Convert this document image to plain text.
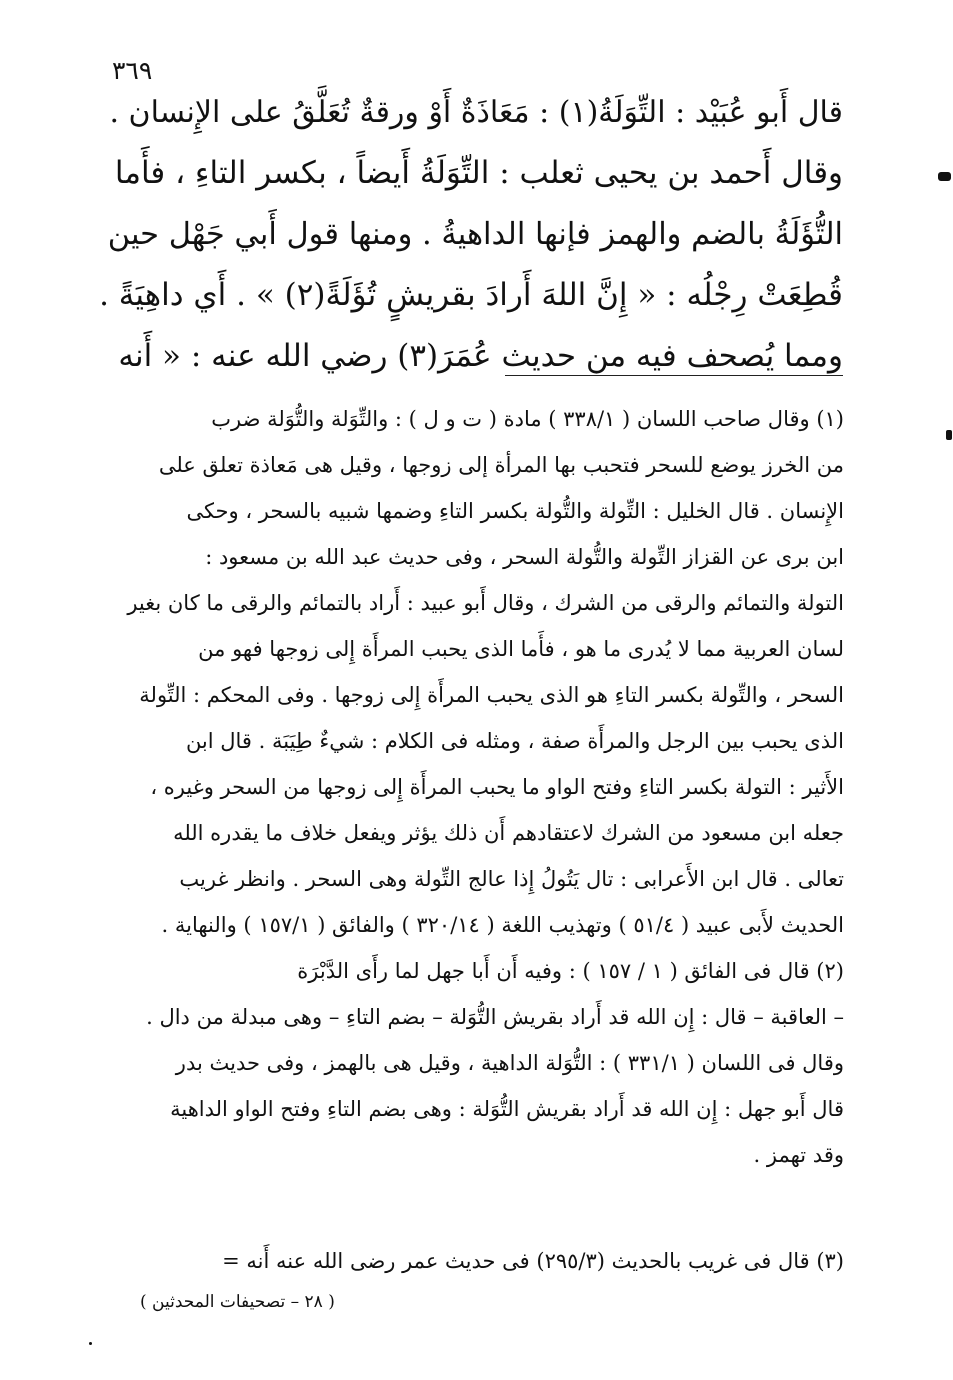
٣٦٩
قال أَبو عُبَيْد : التِّوَلَةُ(١) : مَعَاذَةٌ أَوْ ورقةٌ تُعَلَّقُ على الإِنسان .
وقال أَحمد بن يحيى ثعلب : التِّوَلَةُ أَيضاً ، بكسر التاءِ ، فأَما
التُّؤَلَةُ بالضم والهمز فإنها الداهيةُ . ومنها قول أَبي جَهْل حين
قُطِعَتْ رِجْلُه : « إِنَّ اللهَ أَرادَ بقريشٍ تُؤَلَةً(٢) » . أَي داهِيَةً .
ومما يُصحف فيه من حديث عُمَرَ(٣) رضي الله عنه : « أَنه
(١) وقال صاحب اللسان ( ٣٣٨/١ ) مادة ( ت و ل ) : والتِّوَلة والتُّوَلة ضرب
من الخرز يوضع للسحر فتحبب بها المرأة إلى زوجها ، وقيل هى مَعاذة تعلق على
الإِنسان . قال الخليل : التِّولة والتُّولة بكسر التاءِ وضمها شبيه بالسحر ، وحكى
ابن برى عن القزاز التِّولة والتُّولة السحر ، وفى حديث عبد الله بن مسعود :
التولة والتمائم والرقى من الشرك ، وقال أَبو عبيد : أَراد بالتمائم والرقى ما كان بغير
لسان العربية مما لا يُدرى ما هو ، فأَما الذى يحبب المرأَة إِلى زوجها فهو من
السحر ، والتِّولة بكسر التاءِ هو الذى يحبب المرأَة إِلى زوجها . وفى المحكم : التِّولة
الذى يحبب بين الرجل والمرأَة صفة ، ومثله فى الكلام : شيءٌ طِيَبَة . قال ابن
الأَثير : التولة بكسر التاءِ وفتح الواو ما يحبب المرأَة إِلى زوجها من السحر وغيره ،
جعله ابن مسعود من الشرك لاعتقادهم أَن ذلك يؤثر ويفعل خلاف ما يقدره الله
تعالى . قال ابن الأَعرابى : تال يَتُولُ إِذا عالج التِّولة وهى السحر . وانظر غريب
الحديث لأَبى عبيد ( ٥١/٤ ) وتهذيب اللغة ( ٣٢٠/١٤ ) والفائق ( ١٥٧/١ ) والنهاية .
(٢) قال فى الفائق ( ١ / ١٥٧ ) : وفيه أَن أَبا جهل لما رأَى الدَّبْرَة
– العاقبة – قال : إِن الله قد أَراد بقريش التُّوَلة – بضم التاءِ – وهى مبدلة من دال .
وقال فى اللسان ( ٣٣١/١ ) : التُّوَلة الداهية ، وقيل هى بالهمز ، وفى حديث بدر
قال أَبو جهل : إِن الله قد أَراد بقريش التُّوَلة : وهى بضم التاءِ وفتح الواو الداهية
وقد تهمز .
(٣) قال فى غريب بالحديث (٢٩٥/٣) فى حديث عمر رضى الله عنه أَنه =
( ٢٨ – تصحيفات المحدثين )
